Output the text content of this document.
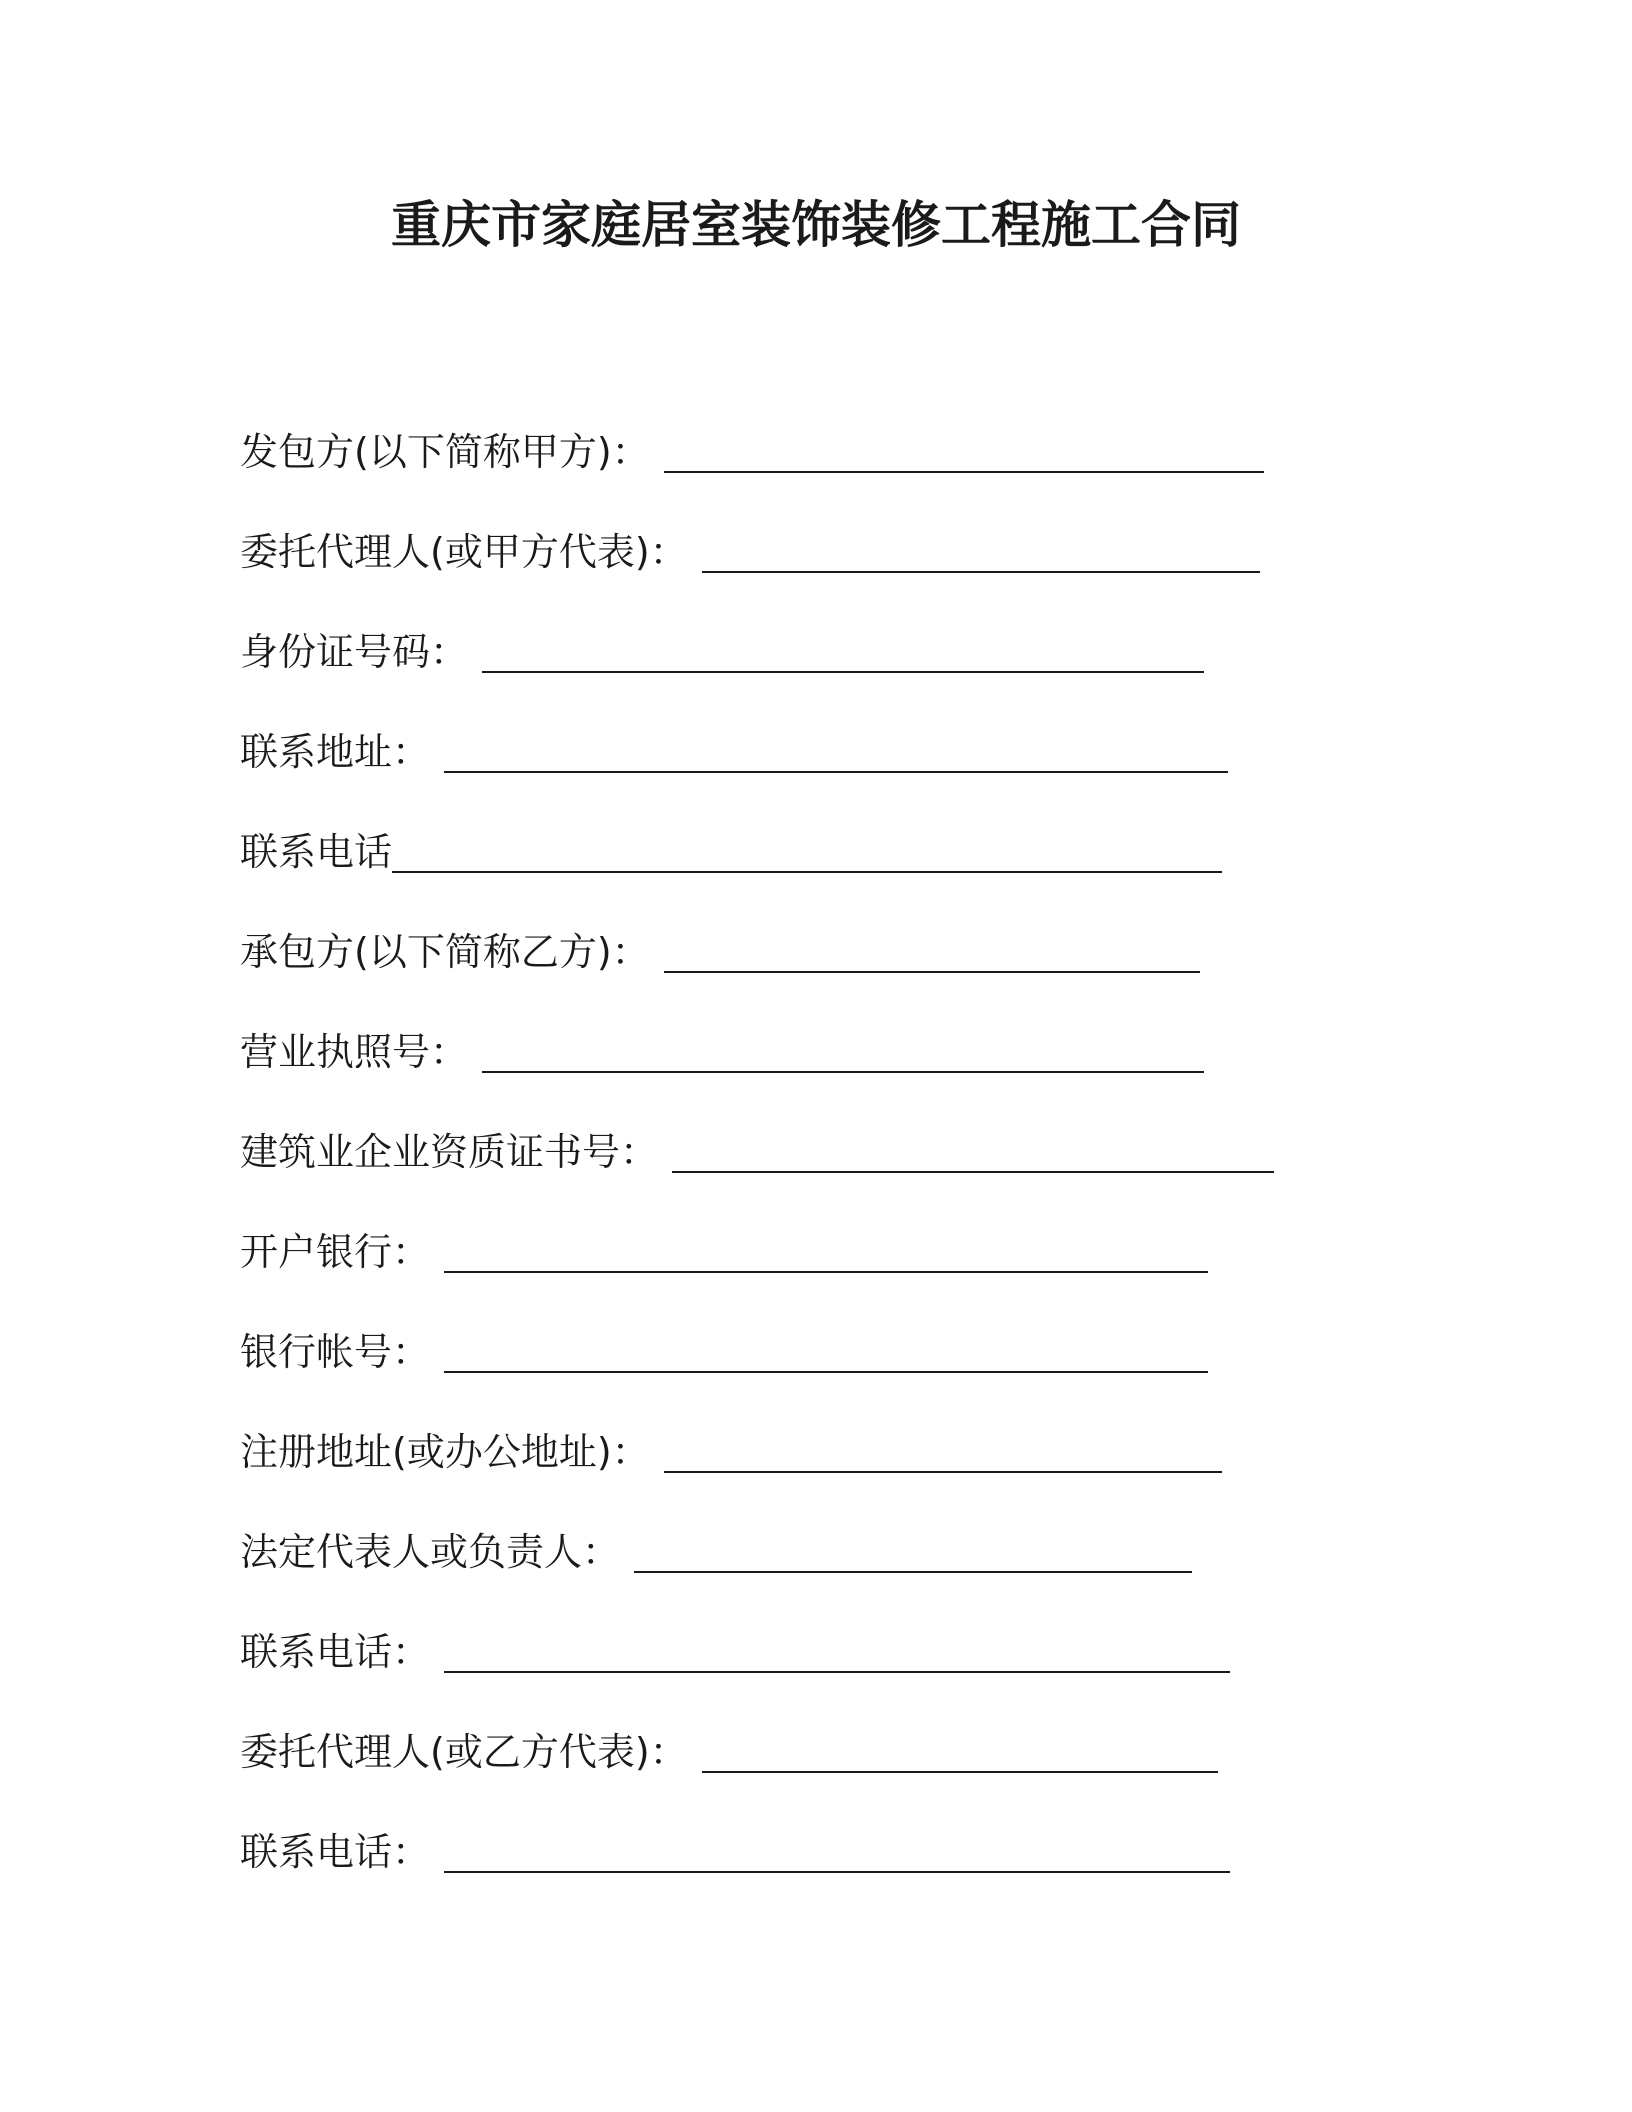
重庆市家庭居室装饰装修工程施工合同
发包方(以下简称甲方)：
委托代理人(或甲方代表)：
身份证号码：
联系地址：
联系电话
承包方(以下简称乙方)：
营业执照号：
建筑业企业资质证书号：
开户银行：
银行帐号：
注册地址(或办公地址)：
法定代表人或负责人：
联系电话：
委托代理人(或乙方代表)：
联系电话：
